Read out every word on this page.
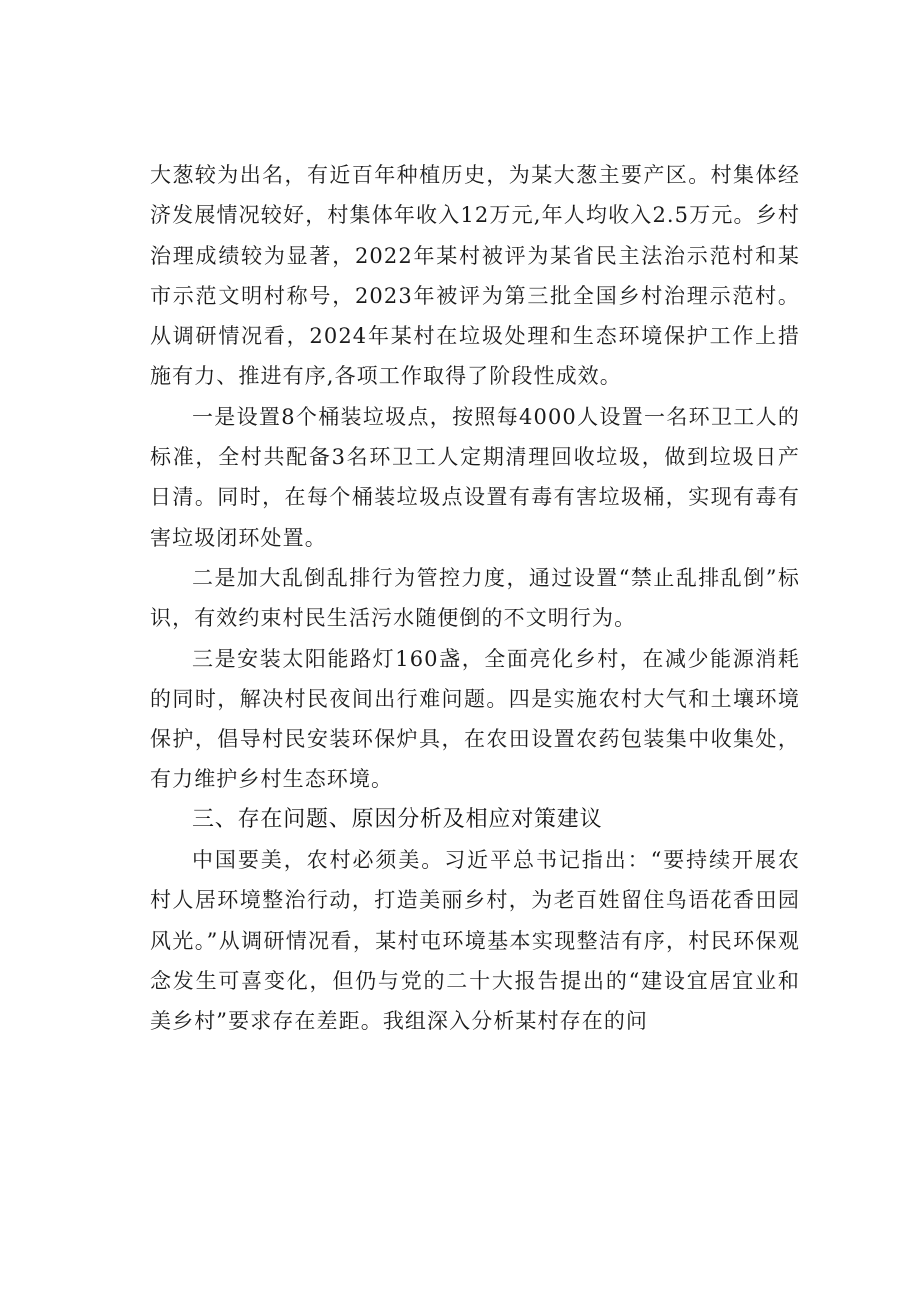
大葱较为出名，有近百年种植历史，为某大葱主要产区。村集体经济发展情况较好，村集体年收入12万元,年人均收入2.5万元。乡村治理成绩较为显著，2022年某村被评为某省民主法治示范村和某市示范文明村称号，2023年被评为第三批全国乡村治理示范村。从调研情况看，2024年某村在垃圾处理和生态环境保护工作上措施有力、推进有序,各项工作取得了阶段性成效。

一是设置8个桶装垃圾点，按照每4000人设置一名环卫工人的标准，全村共配备3名环卫工人定期清理回收垃圾，做到垃圾日产日清。同时，在每个桶装垃圾点设置有毒有害垃圾桶，实现有毒有害垃圾闭环处置。

二是加大乱倒乱排行为管控力度，通过设置“禁止乱排乱倒”标识，有效约束村民生活污水随便倒的不文明行为。

三是安装太阳能路灯160盏，全面亮化乡村，在减少能源消耗的同时，解决村民夜间出行难问题。四是实施农村大气和土壤环境保护，倡导村民安装环保炉具，在农田设置农药包装集中收集处，有力维护乡村生态环境。

三、存在问题、原因分析及相应对策建议

中国要美，农村必须美。习近平总书记指出：“要持续开展农村人居环境整治行动，打造美丽乡村，为老百姓留住鸟语花香田园风光。”从调研情况看，某村屯环境基本实现整洁有序，村民环保观念发生可喜变化，但仍与党的二十大报告提出的“建设宜居宜业和美乡村”要求存在差距。我组深入分析某村存在的问
